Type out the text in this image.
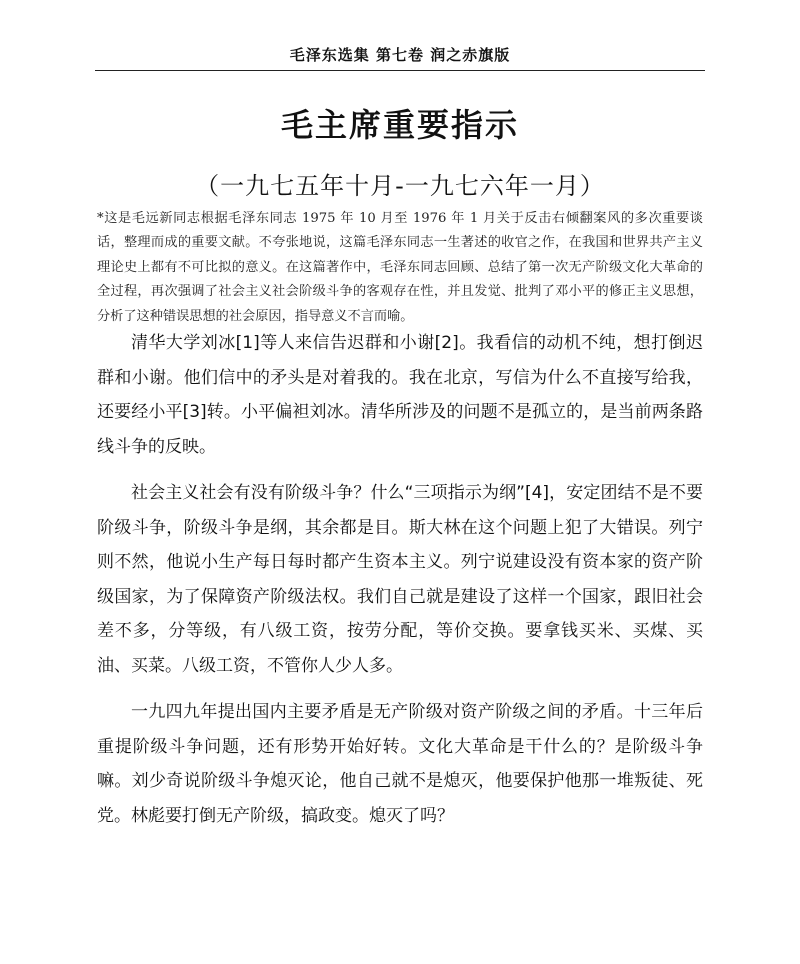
毛泽东选集 第七卷 润之赤旗版
毛主席重要指示
（一九七五年十月-一九七六年一月）

*这是毛远新同志根据毛泽东同志 1975 年 10 月至 1976 年 1 月关于反击右倾翻案风的多次重要谈话，整理而成的重要文献。不夸张地说，这篇毛泽东同志一生著述的收官之作，在我国和世界共产主义理论史上都有不可比拟的意义。在这篇著作中，毛泽东同志回顾、总结了第一次无产阶级文化大革命的全过程，再次强调了社会主义社会阶级斗争的客观存在性，并且发觉、批判了邓小平的修正主义思想，分析了这种错误思想的社会原因，指导意义不言而喻。

清华大学刘冰[1]等人来信告迟群和小谢[2]。我看信的动机不纯，想打倒迟群和小谢。他们信中的矛头是对着我的。我在北京，写信为什么不直接写给我，还要经小平[3]转。小平偏袒刘冰。清华所涉及的问题不是孤立的，是当前两条路线斗争的反映。

社会主义社会有没有阶级斗争？什么“三项指示为纲”[4]，安定团结不是不要阶级斗争，阶级斗争是纲，其余都是目。斯大林在这个问题上犯了大错误。列宁则不然，他说小生产每日每时都产生资本主义。列宁说建设没有资本家的资产阶级国家，为了保障资产阶级法权。我们自己就是建设了这样一个国家，跟旧社会差不多，分等级，有八级工资，按劳分配，等价交换。要拿钱买米、买煤、买油、买菜。八级工资，不管你人少人多。

一九四九年提出国内主要矛盾是无产阶级对资产阶级之间的矛盾。十三年后重提阶级斗争问题，还有形势开始好转。文化大革命是干什么的？是阶级斗争嘛。刘少奇说阶级斗争熄灭论，他自己就不是熄灭，他要保护他那一堆叛徒、死党。林彪要打倒无产阶级，搞政变。熄灭了吗？
